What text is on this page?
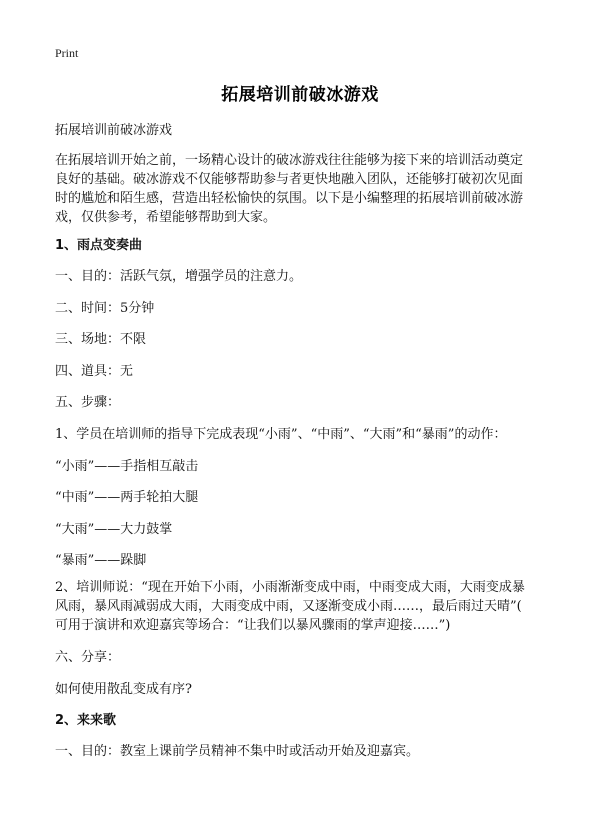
Print
拓展培训前破冰游戏
拓展培训前破冰游戏
在拓展培训开始之前，一场精心设计的破冰游戏往往能够为接下来的培训活动奠定
良好的基础。破冰游戏不仅能够帮助参与者更快地融入团队，还能够打破初次见面
时的尴尬和陌生感，营造出轻松愉快的氛围。以下是小编整理的拓展培训前破冰游
戏，仅供参考，希望能够帮助到大家。
1、雨点变奏曲
一、目的：活跃气氛，增强学员的注意力。
二、时间：5分钟
三、场地：不限
四、道具：无
五、步骤：
1、学员在培训师的指导下完成表现“小雨”、“中雨”、“大雨”和“暴雨”的动作：
“小雨”——手指相互敲击
“中雨”——两手轮拍大腿
“大雨”——大力鼓掌
“暴雨”——跺脚
2、培训师说：“现在开始下小雨，小雨渐渐变成中雨，中雨变成大雨，大雨变成暴
风雨，暴风雨减弱成大雨，大雨变成中雨，又逐渐变成小雨……，最后雨过天晴”(
可用于演讲和欢迎嘉宾等场合：“让我们以暴风骤雨的掌声迎接……”)
六、分享：
如何使用散乱变成有序?
2、来来歌
一、目的：教室上课前学员精神不集中时或活动开始及迎嘉宾。
